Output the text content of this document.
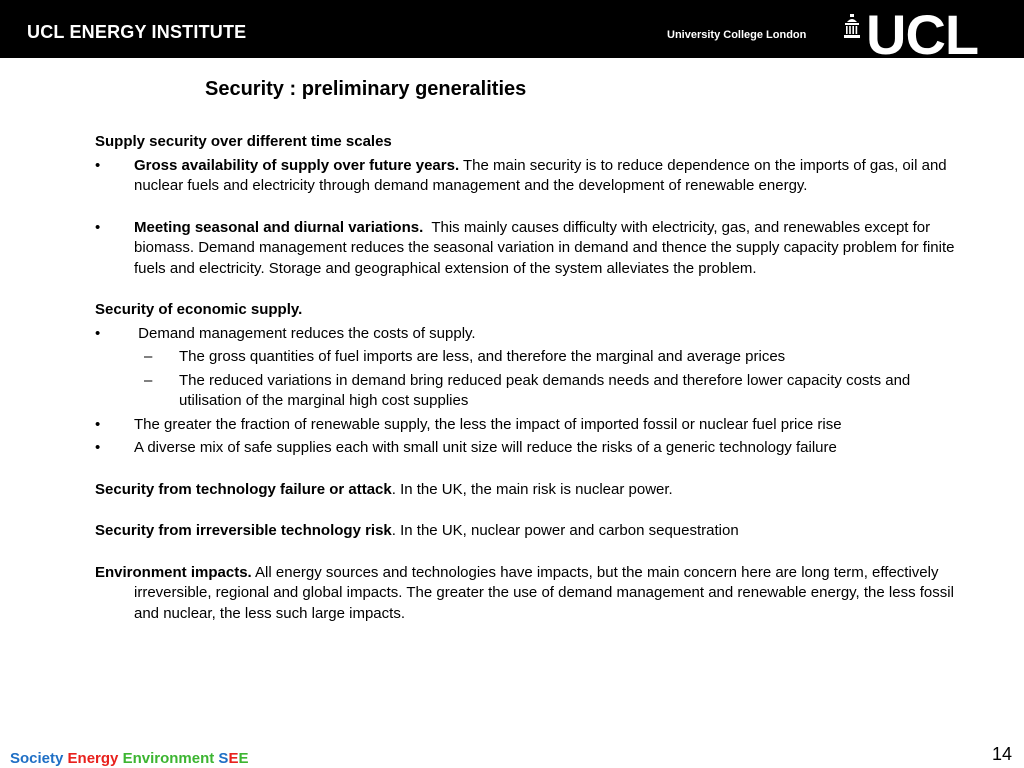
UCL ENERGY INSTITUTE	University College London UCL
Security : preliminary generalities

Supply security over different time scales

• Gross availability of supply over future years. The main security is to reduce dependence on the imports of gas, oil and nuclear fuels and electricity through demand management and the development of renewable energy.
• Meeting seasonal and diurnal variations.  This mainly causes difficulty with electricity, gas, and renewables except for biomass. Demand management reduces the seasonal variation in demand and thence the supply capacity problem for finite fuels and electricity. Storage and geographical extension of the system alleviates the problem.

Security of economic supply.

• Demand management reduces the costs of supply.
– The gross quantities of fuel imports are less, and therefore the marginal and average prices
– The reduced variations in demand bring reduced peak demands needs and therefore lower capacity costs and utilisation of the marginal high cost supplies
• The greater the fraction of renewable supply, the less the impact of imported fossil or nuclear fuel price rise
• A diverse mix of safe supplies each with small unit size will reduce the risks of a generic technology failure

Security from technology failure or attack. In the UK, the main risk is nuclear power.

Security from irreversible technology risk. In the UK, nuclear power and carbon sequestration

Environment impacts. All energy sources and technologies have impacts, but the main concern here are long term, effectively irreversible, regional and global impacts. The greater the use of demand management and renewable energy, the less fossil and nuclear, the less such large impacts.

Society Energy Environment SEE	14
